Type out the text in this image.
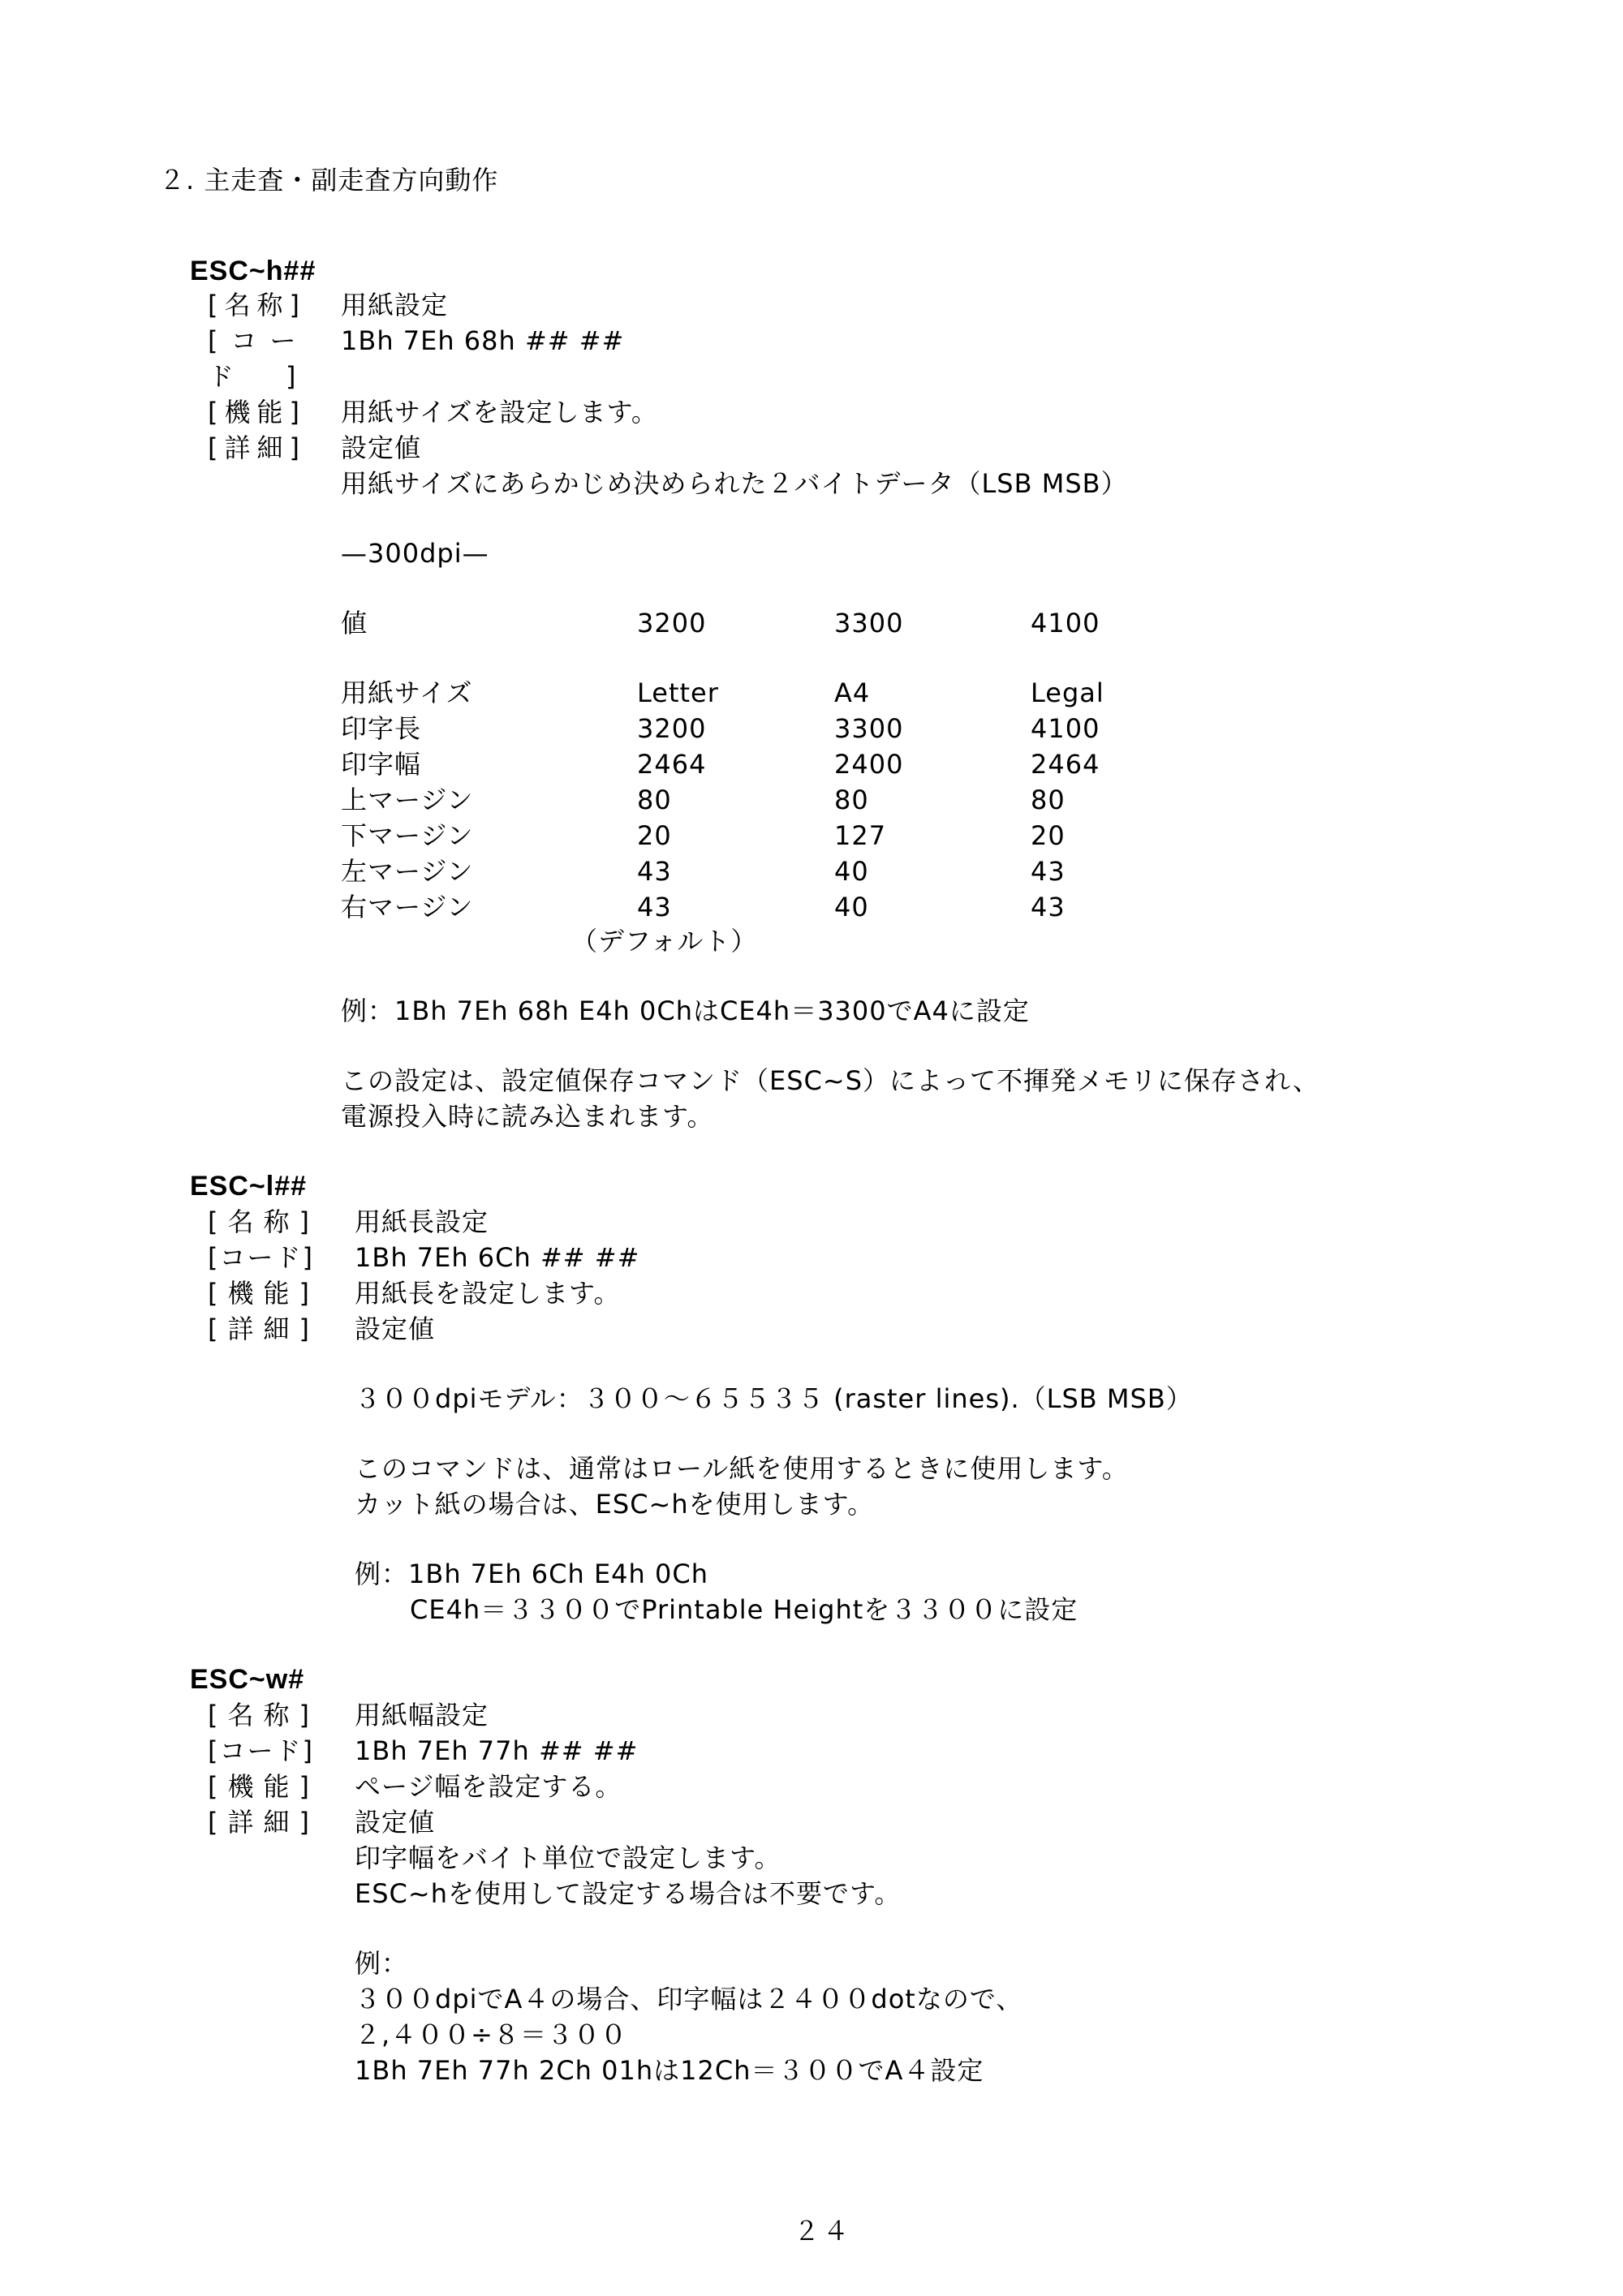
２. 主走査・副走査方向動作
ESC~h##
[名称] 用紙設定
[コー
ド　]
1Bh 7Eh 68h ## ##
[機能] 用紙サイズを設定します。
[詳細] 設定値
用紙サイズにあらかじめ決められた２バイトデータ（LSB MSB）
—300dpi—
値	3200	3300	4100
用紙サイズ	Letter	A4	Legal
印字長	3200	3300	4100
印字幅	2464	2400	2464
上マージン	80	80	80
下マージン	20	127	20
左マージン	43	40	43
右マージン	43	40	43
（デフォルト）
例：1Bh 7Eh 68h E4h 0ChはCE4h＝3300でA4に設定
この設定は、設定値保存コマンド（ESC~S）によって不揮発メモリに保存され、
電源投入時に読み込まれます。
ESC~l##
[名称] 用紙長設定
[コード] 1Bh 7Eh 6Ch ## ##
[機能] 用紙長を設定します。
[詳細] 設定値
３００dpiモデル：３００～６５５３５ (raster lines).（LSB MSB）
このコマンドは、通常はロール紙を使用するときに使用します。
カット紙の場合は、ESC~hを使用します。
例：1Bh 7Eh 6Ch E4h 0Ch
CE4h＝３３００でPrintable Heightを３３００に設定
ESC~w#
[名称] 用紙幅設定
[コード] 1Bh 7Eh 77h ## ##
[機能] ページ幅を設定する。
[詳細] 設定値
印字幅をバイト単位で設定します。
ESC~hを使用して設定する場合は不要です。
例：
３００dpiでA４の場合、印字幅は２４００dotなので、
２,４００÷８＝３００
1Bh 7Eh 77h 2Ch 01hは12Ch＝３００でA４設定
２４
